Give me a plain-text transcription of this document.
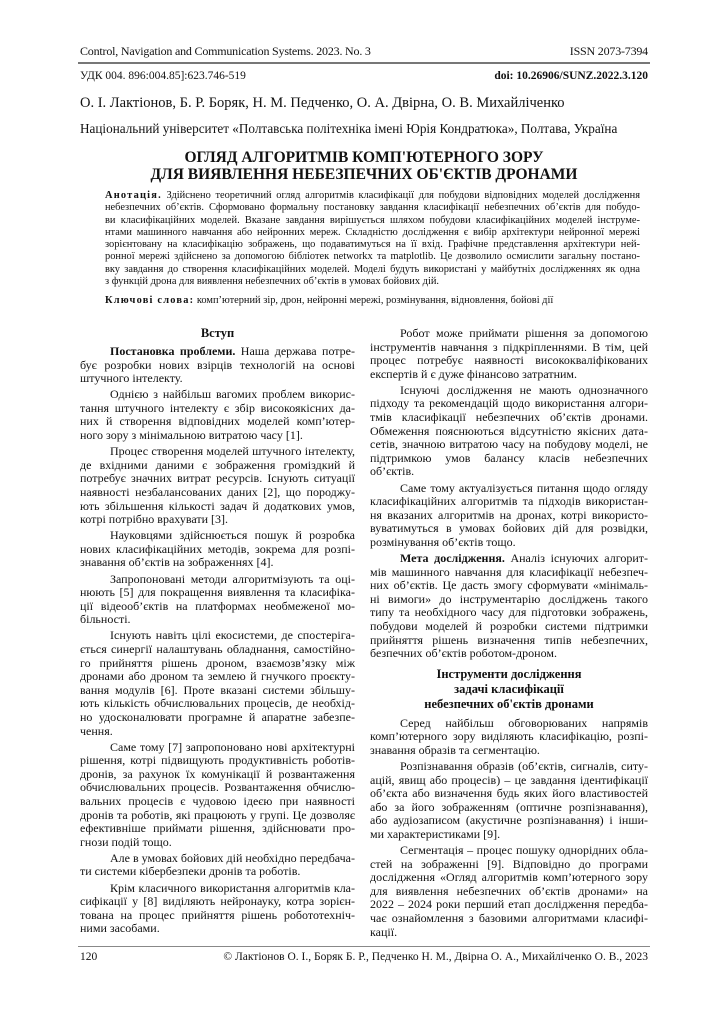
Control, Navigation and Communication Systems. 2023. No. 3	ISSN 2073-7394
УДК 004. 896:004.85]:623.746-519	doi: 10.26906/SUNZ.2022.3.120
О. І. Лактіонов, Б. Р. Боряк, Н. М. Педченко, О. А. Двірна, О. В. Михайліченко
Національний університет «Полтавська політехніка імені Юрія Кондратюка», Полтава, Україна
ОГЛЯД АЛГОРИТМІВ КОМП'ЮТЕРНОГО ЗОРУ
ДЛЯ ВИЯВЛЕННЯ НЕБЕЗПЕЧНИХ ОБ'ЄКТІВ ДРОНАМИ
Анотація. Здійснено теоретичний огляд алгоритмів класифікації для побудови відповідних моделей дослідження
небезпечних об’єктів. Сформовано формальну постановку завдання класифікації небезпечних об’єктів для побудо-
ви класифікаційних моделей. Вказане завдання вирішується шляхом побудови класифікаційних моделей інструме-
нтами машинного навчання або нейронних мереж. Складністю дослідження є вибір архітектури нейронної мережі
зорієнтовану на класифікацію зображень, що подаватимуться на її вхід. Графічне представлення архітектури ней-
ронної мережі здійснено за допомогою бібліотек networkx та matplotlib. Це дозволило осмислити загальну постано-
вку завдання до створення класифікаційних моделей. Моделі будуть використані у майбутніх дослідженнях як одна
з функцій дрона для виявлення небезпечних об’єктів в умовах бойових дій.
Ключові слова: комп’ютерний зір, дрон, нейронні мережі, розмінування, відновлення, бойові дії
Вступ
Постановка проблеми. Наша держава потре-
бує розробки нових взірців технологій на основі
штучного інтелекту.
Однією з найбільш вагомих проблем викорис-
тання штучного інтелекту є збір високоякісних да-
них й створення відповідних моделей комп’ютер-
ного зору з мінімальною витратою часу [1].
Процес створення моделей штучного інтелекту,
де вхідними даними є зображення громіздкий й
потребує значних витрат ресурсів. Існують ситуації
наявності незбалансованих даних [2], що породжу-
ють збільшення кількості задач й додаткових умов,
котрі потрібно врахувати [3].
Науковцями здійснюється пошук й розробка
нових класифікаційних методів, зокрема для розпі-
знавання об’єктів на зображеннях [4].
Запропоновані методи алгоритмізують та оці-
нюють [5] для покращення виявлення та класифіка-
ції відеооб’єктів на платформах необмеженої мо-
більності.
Існують навіть цілі екосистеми, де спостеріга-
ється синергії налаштувань обладнання, самостійно-
го прийняття рішень дроном, взаємозв’язку між
дронами або дроном та землею й гнучкого проєкту-
вання модулів [6]. Проте вказані системи збільшу-
ють кількість обчислювальних процесів, де необхід-
но удосконалювати програмне й апаратне забезпе-
чення.
Саме тому [7] запропоновано нові архітектурні
рішення, котрі підвищують продуктивність роботів-
дронів, за рахунок їх комунікації й розвантаження
обчислювальних процесів. Розвантаження обчислю-
вальних процесів є чудовою ідеєю при наявності
дронів та роботів, які працюють у групі. Це дозволяє
ефективніше приймати рішення, здійснювати про-
гнози подій тощо.
Але в умовах бойових дій необхідно передбача-
ти системи кібербезпеки дронів та роботів.
Крім класичного використання алгоритмів кла-
сифікації у [8] виділяють нейронауку, котра зорієн-
тована на процес прийняття рішень робототехніч-
ними засобами.
Робот може приймати рішення за допомогою
інструментів навчання з підкріпленнями. В тім, цей
процес потребує наявності висококваліфікованих
експертів й є дуже фінансово затратним.
Існуючі дослідження не мають однозначного
підходу та рекомендацій щодо використання алгори-
тмів класифікації небезпечних об’єктів дронами.
Обмеження пояснюються відсутністю якісних дата-
сетів, значною витратою часу на побудову моделі, не
підтримкою умов балансу класів небезпечних
об’єктів.
Саме тому актуалізується питання щодо огляду
класифікаційних алгоритмів та підходів використан-
ня вказаних алгоритмів на дронах, котрі використо-
вуватимуться в умовах бойових дій для розвідки,
розмінування об’єктів тощо.
Мета дослідження. Аналіз існуючих алгорит-
мів машинного навчання для класифікації небезпеч-
них об’єктів. Це дасть змогу сформувати «мінімаль-
ні вимоги» до інструментарію досліджень такого
типу та необхідного часу для підготовки зображень,
побудови моделей й розробки системи підтримки
прийняття рішень визначення типів небезпечних,
безпечних об’єктів роботом-дроном.
Інструменти дослідження
задачі класифікації
небезпечних об'єктів дронами
Серед найбільш обговорюваних напрямів
комп’ютерного зору виділяють класифікацію, розпі-
знавання образів та сегментацію.
Розпізнавання образів (об’єктів, сигналів, ситу-
ацій, явищ або процесів) – це завдання ідентифікації
об’єкта або визначення будь яких його властивостей
або за його зображенням (оптичне розпізнавання),
або аудіозаписом (акустичне розпізнавання) і інши-
ми характеристиками [9].
Сегментація – процес пошуку однорідних обла-
стей на зображенні [9]. Відповідно до програми
дослідження «Огляд алгоритмів комп’ютерного зору
для виявлення небезпечних об’єктів дронами» на
2022 – 2024 роки перший етап дослідження передба-
чає ознайомлення з базовими алгоритмами класифі-
кації.
120	© Лактіонов О. І., Боряк Б. Р., Педченко Н. М., Двірна О. А., Михайліченко О. В., 2023
